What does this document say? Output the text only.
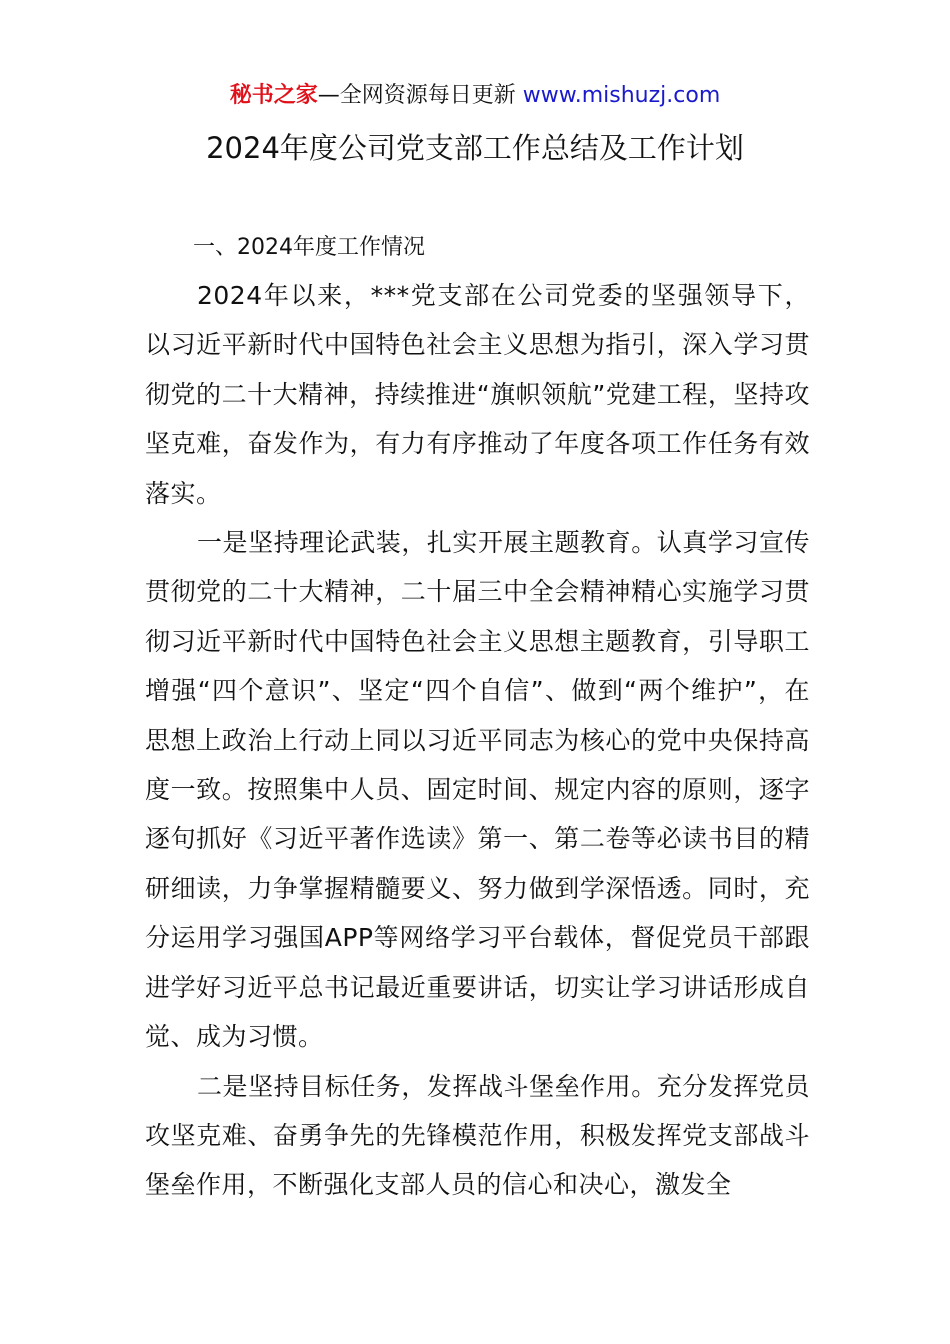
秘书之家—全网资源每日更新 www.mishuzj.com
2024年度公司党支部工作总结及工作计划

一、2024年度工作情况

2024年以来，***党支部在公司党委的坚强领导下，以习近平新时代中国特色社会主义思想为指引，深入学习贯彻党的二十大精神，持续推进“旗帜领航”党建工程，坚持攻坚克难，奋发作为，有力有序推动了年度各项工作任务有效落实。

一是坚持理论武装，扎实开展主题教育。认真学习宣传贯彻党的二十大精神，二十届三中全会精神精心实施学习贯彻习近平新时代中国特色社会主义思想主题教育，引导职工增强“四个意识”、坚定“四个自信”、做到“两个维护”，在思想上政治上行动上同以习近平同志为核心的党中央保持高度一致。按照集中人员、固定时间、规定内容的原则，逐字逐句抓好《习近平著作选读》第一、第二卷等必读书目的精研细读，力争掌握精髓要义、努力做到学深悟透。同时，充分运用学习强国APP等网络学习平台载体，督促党员干部跟进学好习近平总书记最近重要讲话，切实让学习讲话形成自觉、成为习惯。

二是坚持目标任务，发挥战斗堡垒作用。充分发挥党员攻坚克难、奋勇争先的先锋模范作用，积极发挥党支部战斗堡垒作用，不断强化支部人员的信心和决心，激发全
